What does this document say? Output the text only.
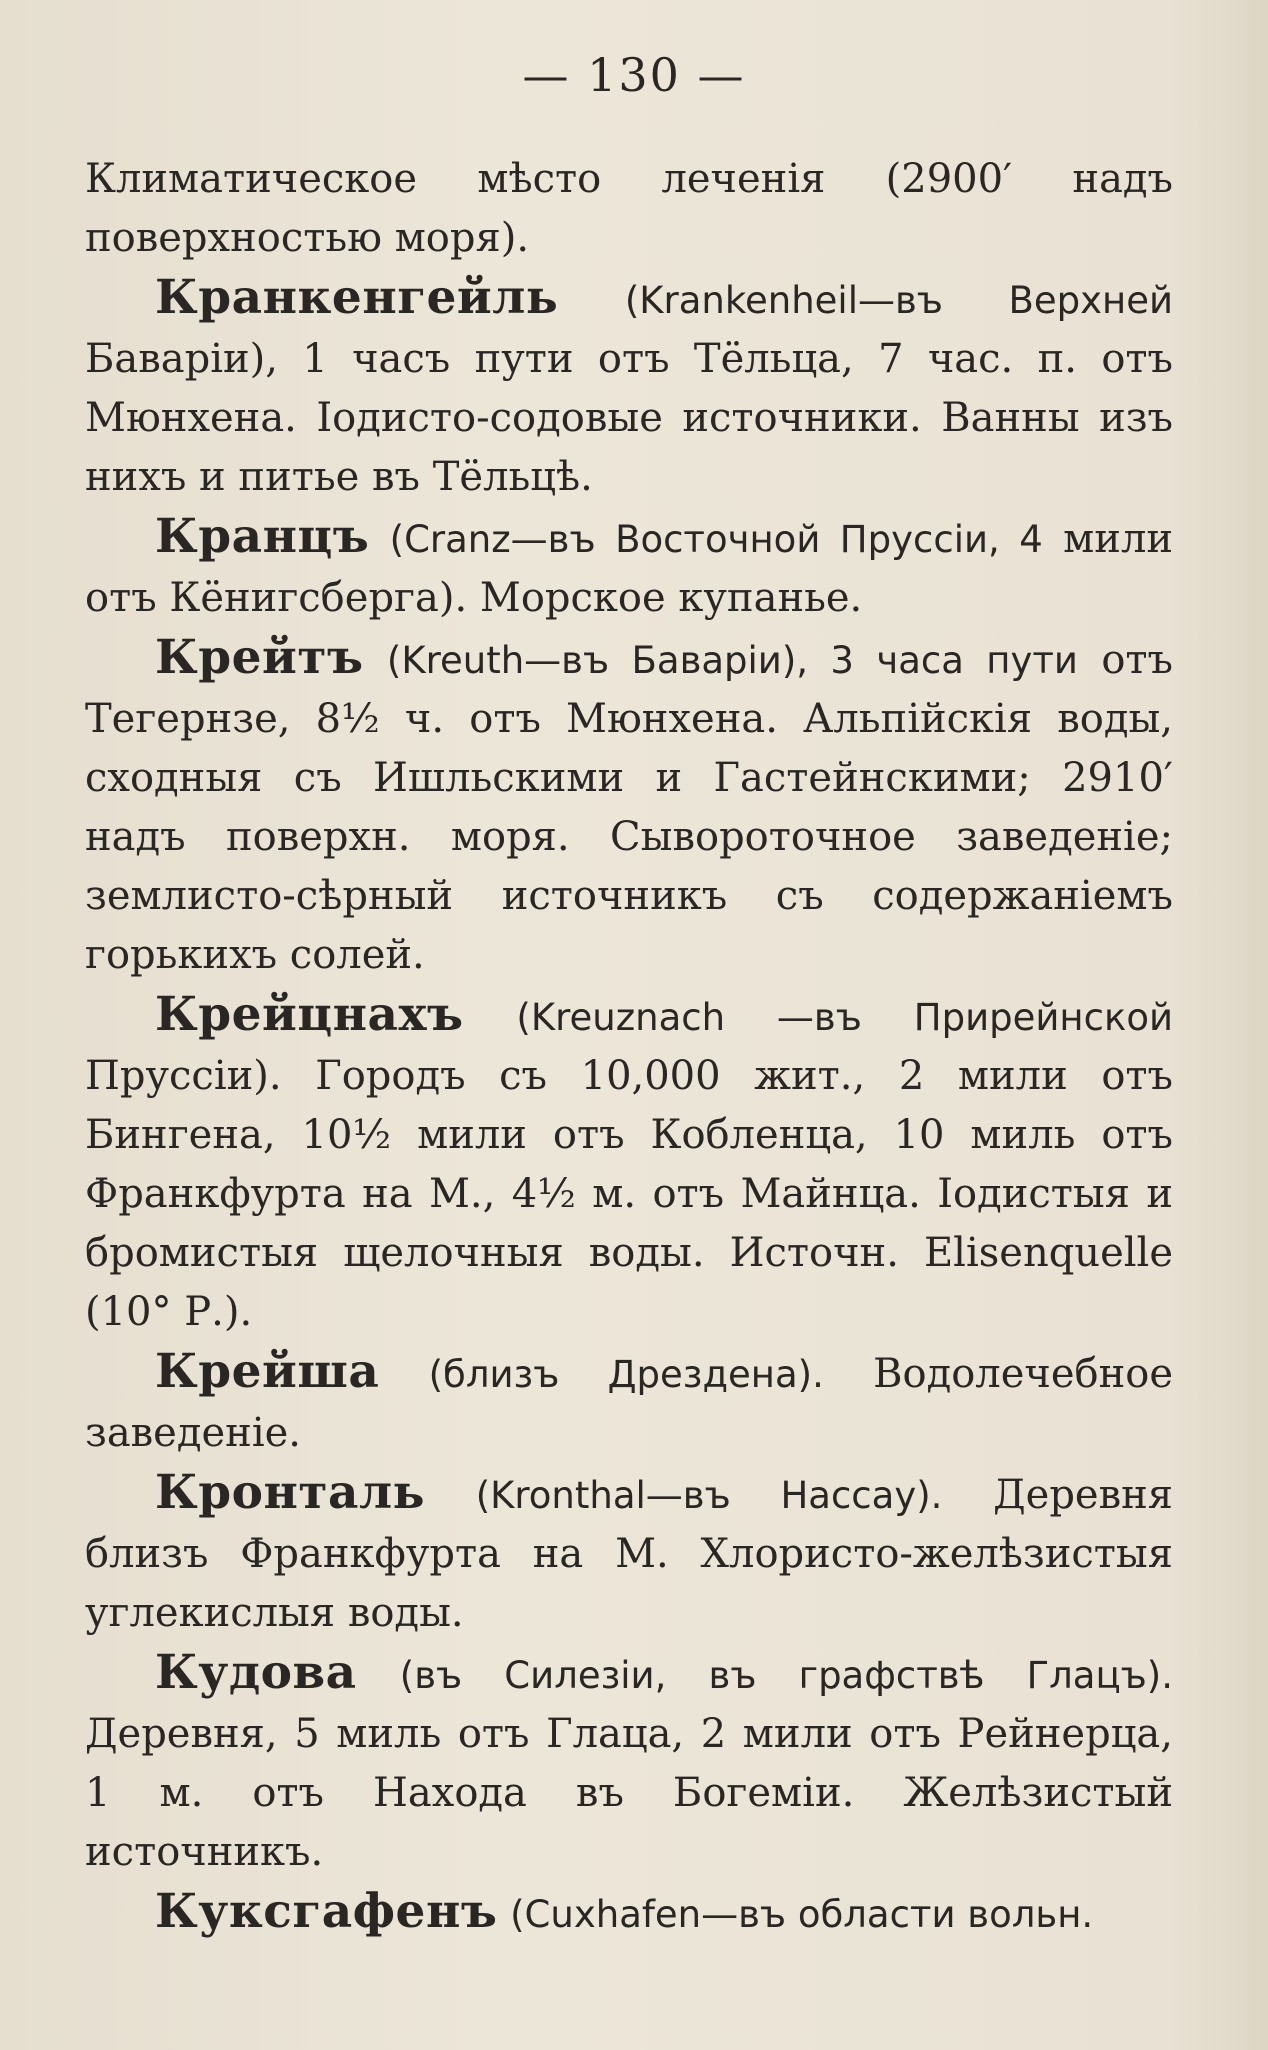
— 130 —

Климатическое мѣсто леченія (2900′ надъ поверхностью моря).

Кранкенгейль (Krankenheil—въ Верхней Баваріи), 1 часъ пути отъ Тёльца, 7 час. п. отъ Мюнхена. Іодисто-содовые источники. Ванны изъ нихъ и питье въ Тёльцѣ.

Кранцъ (Cranz—въ Восточной Пруссіи, 4 мили отъ Кёнигсберга). Морское купанье.

Крейтъ (Kreuth—въ Баваріи), 3 часа пути отъ Тегернзе, 8½ ч. отъ Мюнхена. Альпійскія воды, сходныя съ Ишльскими и Гастейнскими; 2910′ надъ поверхн. моря. Сывороточное заведеніе; землисто-сѣрный источникъ съ содержаніемъ горькихъ солей.

Крейцнахъ (Kreuznach —въ Прирейнской Пруссіи). Городъ съ 10,000 жит., 2 мили отъ Бингена, 10½ мили отъ Кобленца, 10 миль отъ Франкфурта на М., 4½ м. отъ Майнца. Іодистыя и бромистыя щелочныя воды. Источн. Elisenquelle (10° Р.).

Крейша (близъ Дрездена). Водолечебное заведеніе.

Кронталь (Kronthal—въ Нассау). Деревня близъ Франкфурта на М. Хлористо-желѣзистыя углекислыя воды.

Кудова (въ Силезіи, въ графствѣ Глацъ). Деревня, 5 миль отъ Глаца, 2 мили отъ Рейнерца, 1 м. отъ Находа въ Богеміи. Желѣзистый источникъ.

Куксгафенъ (Cuxhafen—въ области вольн.
